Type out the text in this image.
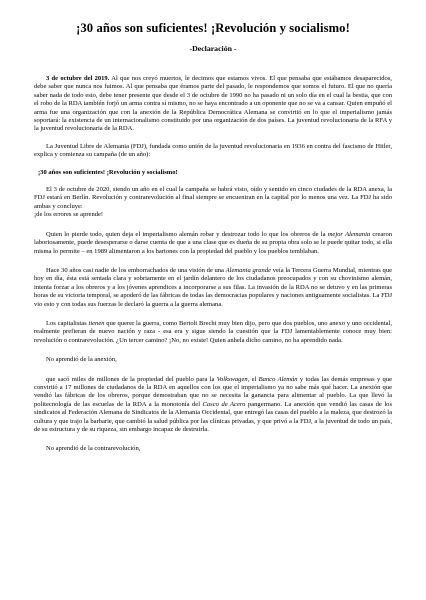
¡30 años son suficientes! ¡Revolución y socialismo!
-Declaración -

3 de octubre del 2019. Al que nos creyó muertos, le decimos que estamos vivos. El que pensaba que estábamos desaparecidos, debe saber que nunca nos fuimos. Al que pensaba que éramos parte del pasado, le respondemos que somos el futuro. El que no quería saber nada de todo esto, debe tener presente que desde el 3 de octubre de 1990 no ha pasado ni un solo día en el cual la bestia, que con el robo de la RDA también forjó un arma contra sí mismo, no se haya encontrado a un oponente que no se va a cansar. Quien empuñó el arma fue una organización que con la anexión de la República Democrática Alemana se convirtió en lo que el imperialismo jamás soportará: la existencia de un internacionalismo constituido por una organización de dos países. La juventud revolucionaria de la RFA y la juventud revolucionaria de la RDA.

La Juventud Libre de Alemania (FDJ), fundada como unión de la juventud revolucionaria en 1936 en contra del fascismo de Hitler, explica y comienza su campaña (de un año):

¡30 años son suficientes! ¡Revolución y socialismo!

El 3 de octubre de 2020, siendo un año en el cual la campaña se habrá visto, oído y sentido en cinco ciudades de la RDA anexa, la FDJ estará en Berlín. Revolución y contrarevolución al final siempre se encuentran en la capital por lo menos una vez. La FDJ ha sido ambas y concluye:
¡de los errores se aprende!

Quien lo pierde todo, quien deja el imperialismo alemán robar y destrozar todo lo que los obreros de la mejor Alemania crearon laboriosamente, puede desesperarse o darse cuenta de que a una clase que es dueña de su propia obra solo se le puede quitar todo, si ella misma lo permite – en 1989 alimentaron a los hartones con la propiedad del pueblo y los pueblos temblaban.

Hace 30 años casi nadie de los emborrachados de una visión de una Alemania grande veía la Tercera Guerra Mundial, mientras que hoy en día, ésta está sentada clara y sobriamente en el jardín delantero de los ciudadanos preocupados y con su chovinismo alemán, intenta forzar a los obreros y a los jóvenes aprendices a incorporarse a sus filas. La invasión de la RDA no se detuvo y en las primeras horas de su victoria temporal, se apoderó de las fábricas de todas las democracias populares y naciones antiguamente socialistas. La FDJ vio esto y con todas sus fuerzas le declaró la guerra a la guerra alemana.

Los capitalistas tienen que querer la guerra, como Bertolt Brecht muy bien dijo, pero que dos pueblos, uno anexo y uno occidental, realmente prefieran de nuevo nación y raza - esa era y sigue siendo la cuestión que la FDJ lamentablemente conoce muy bien: revolución o contrarevolución. ¿Un tercer camino? ¡No, no existe! Quien anhela dicho camino, no ha aprendido nada.

No aprendió de la anexión,

que sacó miles de millones de la propiedad del pueblo para la Volkswagen, el Banco Alemán y todas las demás empresas y que convirtió a 17 millones de ciudadanos de la RDA en aquellos con los que el imperialismo ya no sabe más qué hacer. La anexión que vendió las fábricas de los obreros, porque demostraban que no se necesita la ganancia para alimentar al pueblo. La que llevó la politecnología de las escuelas de la RDA a la monotonía del Casco de Acero pangermano. La anexión que vendió las casas de los sindicatos al Federación Alemana de Sindicatos de la Alemania Occidental, que entregó las casas del pueblo a la maleza, que destrozó la cultura y que trajo la barbarie, que cambió la salud pública por las clínicas privadas, y que privó a la FDJ, a la juventud de todo un país, de su estructura y de su riqueza, sin embargo incapaz de destruirla.

No aprendió de la contrarevolución,
